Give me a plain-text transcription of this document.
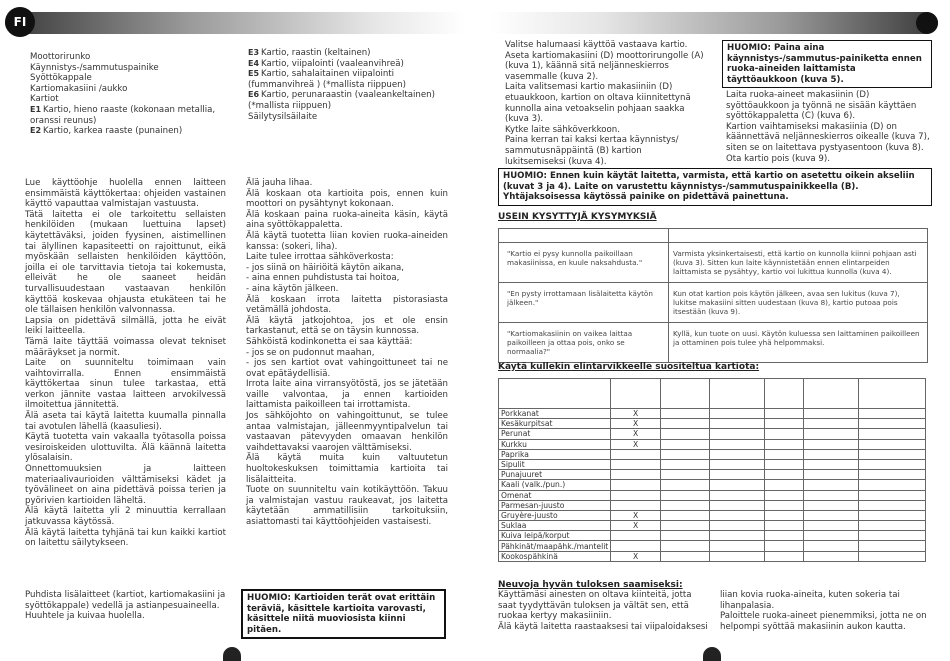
FI
Moottorirunko
Käynnistys-/sammutuspainike
Syöttökappale
Kartiomakasiini /aukko
Kartiot
E1 Kartio, hieno raaste (kokonaan metallia, oranssi reunus)
E2 Kartio, karkea raaste (punainen)
E3 Kartio, raastin (keltainen)
E4 Kartio, viipalointi (vaaleanvihreä)
E5 Kartio, sahalaitainen viipalointi (fummanvihreä ) (*mallista riippuen)
E6 Kartio, perunaraastin (vaaleankeltainen) (*mallista riippuen)
Säilytysilsäilaite
Lue käyttöohje huolella ennen laitteen ensimmäistä käyttökertaa: ohjeiden vastainen käyttö vapauttaa valmistajan vastuusta.
Tätä laitetta ei ole tarkoitettu sellaisten henkilöiden (mukaan luettuina lapset) käytettäväksi, joiden fyysinen, aistimellinen tai älyllinen kapasiteetti on rajoittunut, eikä myöskään sellaisten henkilöiden käyttöön, joilla ei ole tarvittavia tietoja tai kokemusta, elleivät he ole saaneet heidän turvallisuudestaan vastaavan henkilön käyttöä koskevaa ohjausta etukäteen tai he ole tällaisen henkilön valvonnassa.
Lapsia on pidettävä silmällä, jotta he eivät leiki laitteella.
Tämä laite täyttää voimassa olevat tekniset määräykset ja normit.
Laite on suunniteltu toimimaan vain vaihtovirralla. Ennen ensimmäistä käyttökertaa sinun tulee tarkastaa, että verkon jännite vastaa laitteen arvokilvessä ilmoitettua jännitettä.
Älä aseta tai käytä laitetta kuumalla pinnalla tai avotulen lähellä (kaasuliesi).
Käytä tuotetta vain vakaalla työtasolla poissa vesiroiskeiden ulottuvilta. Älä käännä laitetta ylösalaisin.
Onnettomuuksien ja laitteen materiaalivaurioiden välttämiseksi kädet ja työvälineet on aina pidettävä poissa terien ja pyörivien kartioiden läheltä.
Älä käytä laitetta yli 2 minuuttia kerrallaan jatkuvassa käytössä.
Älä käytä laitetta tyhjänä tai kun kaikki kartiot on laitettu säilytykseen.
Älä jauha lihaa.
Älä koskaan ota kartioita pois, ennen kuin moottori on pysähtynyt kokonaan.
Älä koskaan paina ruoka-aineita käsin, käytä aina syöttökappaletta.
Älä käytä tuotetta liian kovien ruoka-aineiden kanssa: (sokeri, liha).
Laite tulee irrottaa sähköverkosta:
- jos siinä on häiriöitä käytön aikana,
- aina ennen puhdistusta tai hoitoa,
- aina käytön jälkeen.
Älä koskaan irrota laitetta pistorasiasta vetämällä johdosta.
Älä käytä jatkojohtoa, jos et ole ensin tarkastanut, että se on täysin kunnossa.
Sähköistä kodinkonetta ei saa käyttää:
- jos se on pudonnut maahan,
- jos sen kartiot ovat vahingoittuneet tai ne ovat epätäydellisiä.
Irrota laite aina virransyötöstä, jos se jätetään vaille valvontaa, ja ennen kartioiden laittamista paikoilleen tai irrottamista.
Jos sähköjohto on vahingoittunut, se tulee antaa valmistajan, jälleenmyyntipalvelun tai vastaavan pätevyyden omaavan henkilön vaihdettavaksi vaarojen välttämiseksi.
Älä käytä muita kuin valtuutetun huoltokeskuksen toimittamia kartioita tai lisälaitteita.
Tuote on suunniteltu vain kotikäyttöön. Takuu ja valmistajan vastuu raukeavat, jos laitetta käytetään ammatillisiin tarkoituksiin, asiattomasti tai käyttöohjeiden vastaisesti.
Puhdista lisälaitteet (kartiot, kartiomakasiini ja syöttökappale) vedellä ja astianpesuaineella. Huuhtele ja kuivaa huolella.
HUOMIO: Kartioiden terät ovat erittäin teräviä, käsittele kartioita varovasti, käsittele niitä muoviosista kiinni pitäen.
Valitse halumaasi käyttöä vastaava kartio.
Aseta kartiomakasiini (D) moottorirungolle (A) (kuva 1), käännä sitä neljänneskierros vasemmalle (kuva 2).
Laita valitsemasi kartio makasiiniin (D) etuaukkoon, kartion on oltava kiinnitettynä kunnolla aina vetoakselin pohjaan saakka (kuva 3).
Kytke laite sähköverkkoon.
Paina kerran tai kaksi kertaa käynnistys/ sammutusnäppäintä (B) kartion lukitsemiseksi (kuva 4).
HUOMIO: Paina aina käynnistys-/sammutus-painiketta ennen ruoka-aineiden laittamista täyttöaukkoon (kuva 5).
Laita ruoka-aineet makasiinin (D) syöttöaukkoon ja työnnä ne sisään käyttäen syöttökappaletta (C) (kuva 6).
Kartion vaihtamiseksi makasiinia (D) on käännettävä neljänneskierros oikealle (kuva 7), siten se on laitettava pystyasentoon (kuva 8). Ota kartio pois (kuva 9).
HUOMIO: Ennen kuin käytät laitetta, varmista, että kartio on asetettu oikein akseliin (kuvat 3 ja 4). Laite on varustettu käynnistys-/sammutuspainikkeella (B). Yhtäjaksoisessa käytössä painike on pidettävä painettuna.
USEIN KYSYTTYJÄ KYSYMYKSIÄ

"Kartio ei pysy kunnolla paikoillaan makasiinissa, en kuule naksahdusta."	Varmista yksinkertaisesti, että kartio on kunnolla kiinni pohjaan asti (kuva 3). Sitten kun laite käynnistetään ennen elintarpeiden laittamista se pysähtyy, kartio voi lukittua kunnolla (kuva 4).
"En pysty irrottamaan lisälaitetta käytön jälkeen."	Kun otat kartion pois käytön jälkeen, avaa sen lukitus (kuva 7), lukitse makasiini sitten uudestaan (kuva 8), kartio putoaa pois itsestään (kuva 9).
"Kartiomakasiinin on vaikea laittaa paikoilleen ja ottaa pois, onko se normaalia?"	Kyllä, kun tuote on uusi. Käytön kuluessa sen laittaminen paikoilleen ja ottaminen pois tulee yhä helpommaksi.
Käytä kullekin elintarvikkeelle suositeltua kartiota:

Porkkanat	X					
Kesäkurpitsat	X					
Perunat	X					
Kurkku	X					
Paprika						
Sipulit						
Punajuuret						
Kaali (valk./pun.)						
Omenat						
Parmesan-juusto						
Gruyère-juusto	X					
Suklaa	X					
Kuiva leipä/korput						
Pähkinät/maapähk./mantelit						
Kookospähkinä	X					
Neuvoja hyvän tuloksen saamiseksi:
Käyttämäsi ainesten on oltava kiinteitä, jotta saat tyydyttävän tuloksen ja vältät sen, että ruokaa kertyy makasiiniin.
Älä käytä laitetta raastaaksesi tai viipaloidaksesi
liian kovia ruoka-aineita, kuten sokeria tai lihanpalasia.
Paloittele ruoka-aineet pienemmiksi, jotta ne on helpompi syöttää makasiinin aukon kautta.
